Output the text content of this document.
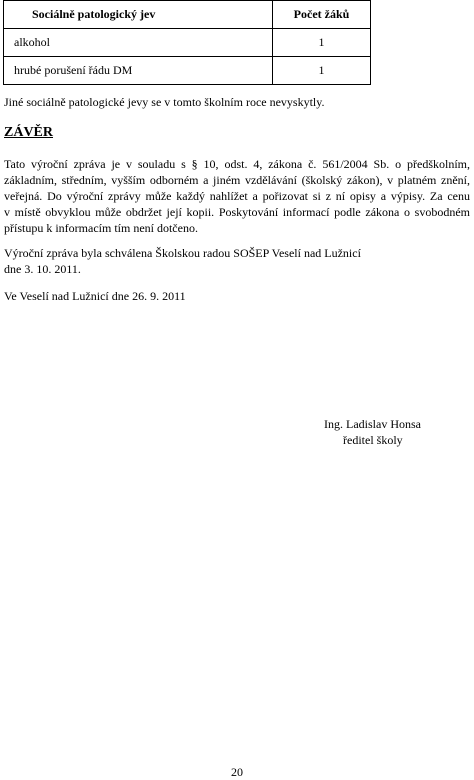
Sociálně patologický jev	Počet žáků
alkohol	1
hrubé porušení řádu DM	1
Jiné sociálně patologické jevy se v tomto školním roce nevyskytly.
ZÁVĚR
Tato výroční zpráva je v souladu s § 10, odst. 4, zákona č. 561/2004 Sb. o předškolním,
základním, středním, vyšším odborném a jiném vzdělávání (školský zákon), v platném znění,
veřejná. Do výroční zprávy může každý nahlížet a pořizovat si z ní opisy a výpisy. Za cenu
v místě obvyklou může obdržet její kopii. Poskytování informací podle zákona o svobodném
přístupu k informacím tím není dotčeno.
Výroční zpráva byla schválena Školskou radou SOŠEP Veselí nad Lužnicí
dne 3. 10. 2011.
Ve Veselí nad Lužnicí dne 26. 9. 2011
Ing. Ladislav Honsa
ředitel školy
20
